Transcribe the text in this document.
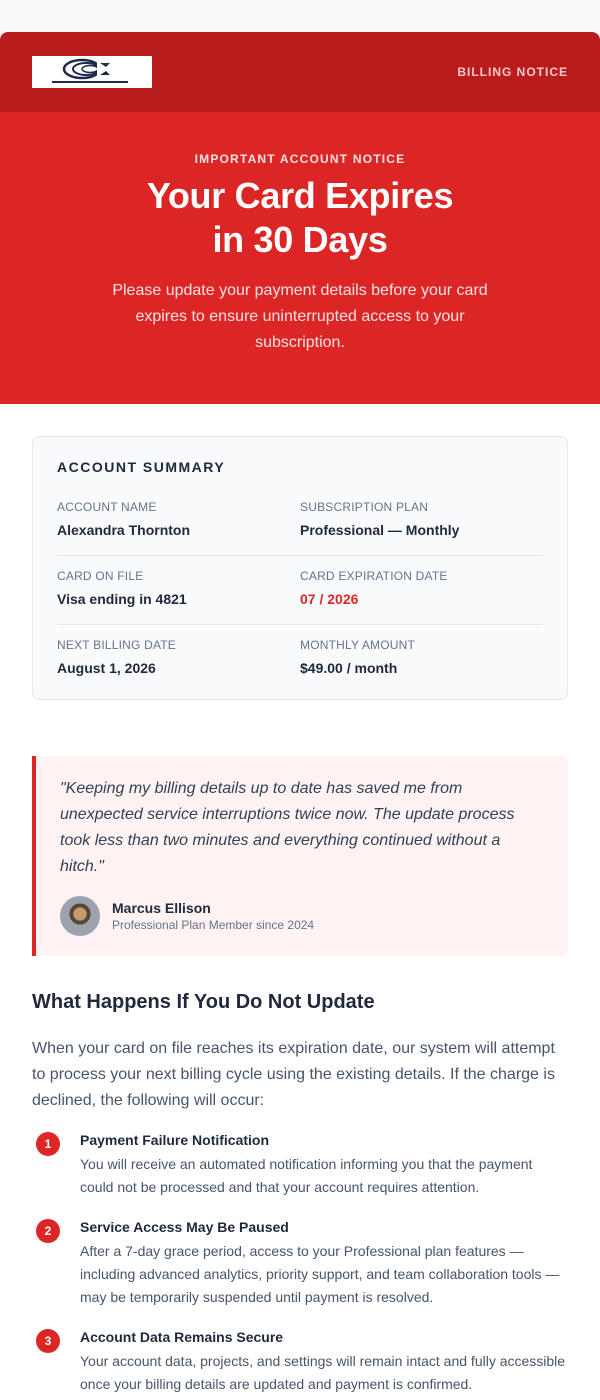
BILLING NOTICE
IMPORTANT ACCOUNT NOTICE
Your Card Expires
in 30 Days

Please update your payment details before your card expires to ensure uninterrupted access to your subscription.

ACCOUNT SUMMARY
ACCOUNT NAME
Alexandra Thornton
SUBSCRIPTION PLAN
Professional — Monthly
CARD ON FILE
Visa ending in 4821
CARD EXPIRATION DATE
07 / 2026
NEXT BILLING DATE
August 1, 2026
MONTHLY AMOUNT
$49.00 / month

"Keeping my billing details up to date has saved me from unexpected service interruptions twice now. The update process took less than two minutes and everything continued without a hitch."

Marcus Ellison
Professional Plan Member since 2024
What Happens If You Do Not Update

When your card on file reaches its expiration date, our system will attempt to process your next billing cycle using the existing details. If the charge is declined, the following will occur:

1	Payment Failure Notification
You will receive an automated notification informing you that the payment could not be processed and that your account requires attention.
2	Service Access May Be Paused
After a 7-day grace period, access to your Professional plan features — including advanced analytics, priority support, and team collaboration tools — may be temporarily suspended until payment is resolved.
3	Account Data Remains Secure
Your account data, projects, and settings will remain intact and fully accessible once your billing details are updated and payment is confirmed.
